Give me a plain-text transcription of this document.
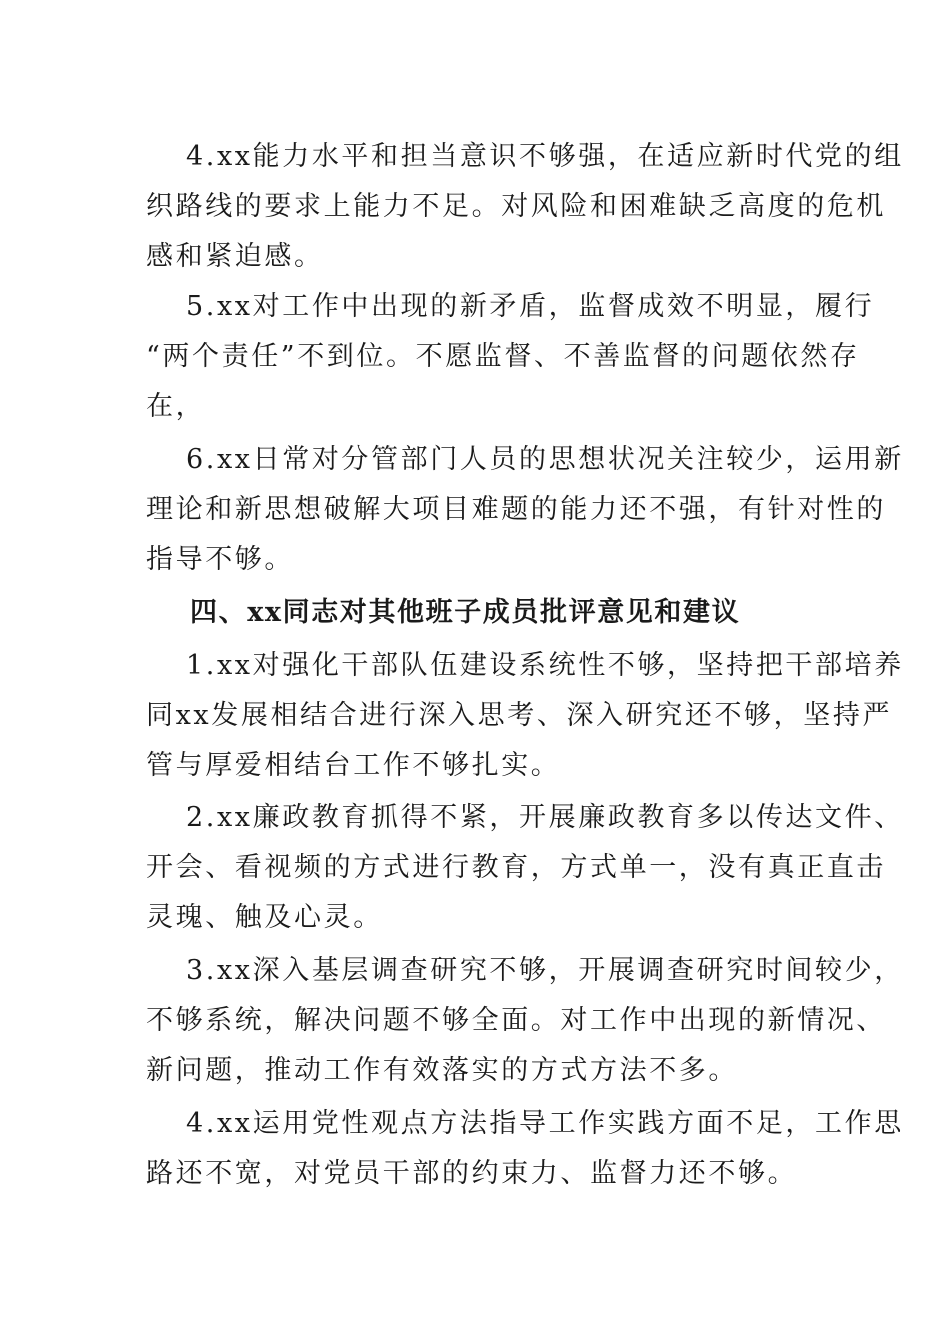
4.xx能力水平和担当意识不够强，在适应新时代党的组
织路线的要求上能力不足。对风险和困难缺乏高度的危机
感和紧迫感。
5.xx对工作中出现的新矛盾，监督成效不明显，履行
“两个责任”不到位。不愿监督、不善监督的问题依然存
在，
6.xx日常对分管部门人员的思想状况关注较少，运用新
理论和新思想破解大项目难题的能力还不强，有针对性的
指导不够。
四、xx同志对其他班子成员批评意见和建议
1.xx对强化干部队伍建设系统性不够，坚持把干部培养
同xx发展相结合进行深入思考、深入研究还不够，坚持严
管与厚爱相结台工作不够扎实。
2.xx廉政教育抓得不紧，开展廉政教育多以传达文件、
开会、看视频的方式进行教育，方式单一，没有真正直击
灵瑰、触及心灵。
3.xx深入基层调查研究不够，开展调查研究时间较少，
不够系统，解决问题不够全面。对工作中出现的新情况、
新问题，推动工作有效落实的方式方法不多。
4.xx运用党性观点方法指导工作实践方面不足，工作思
路还不宽，对党员干部的约束力、监督力还不够。
